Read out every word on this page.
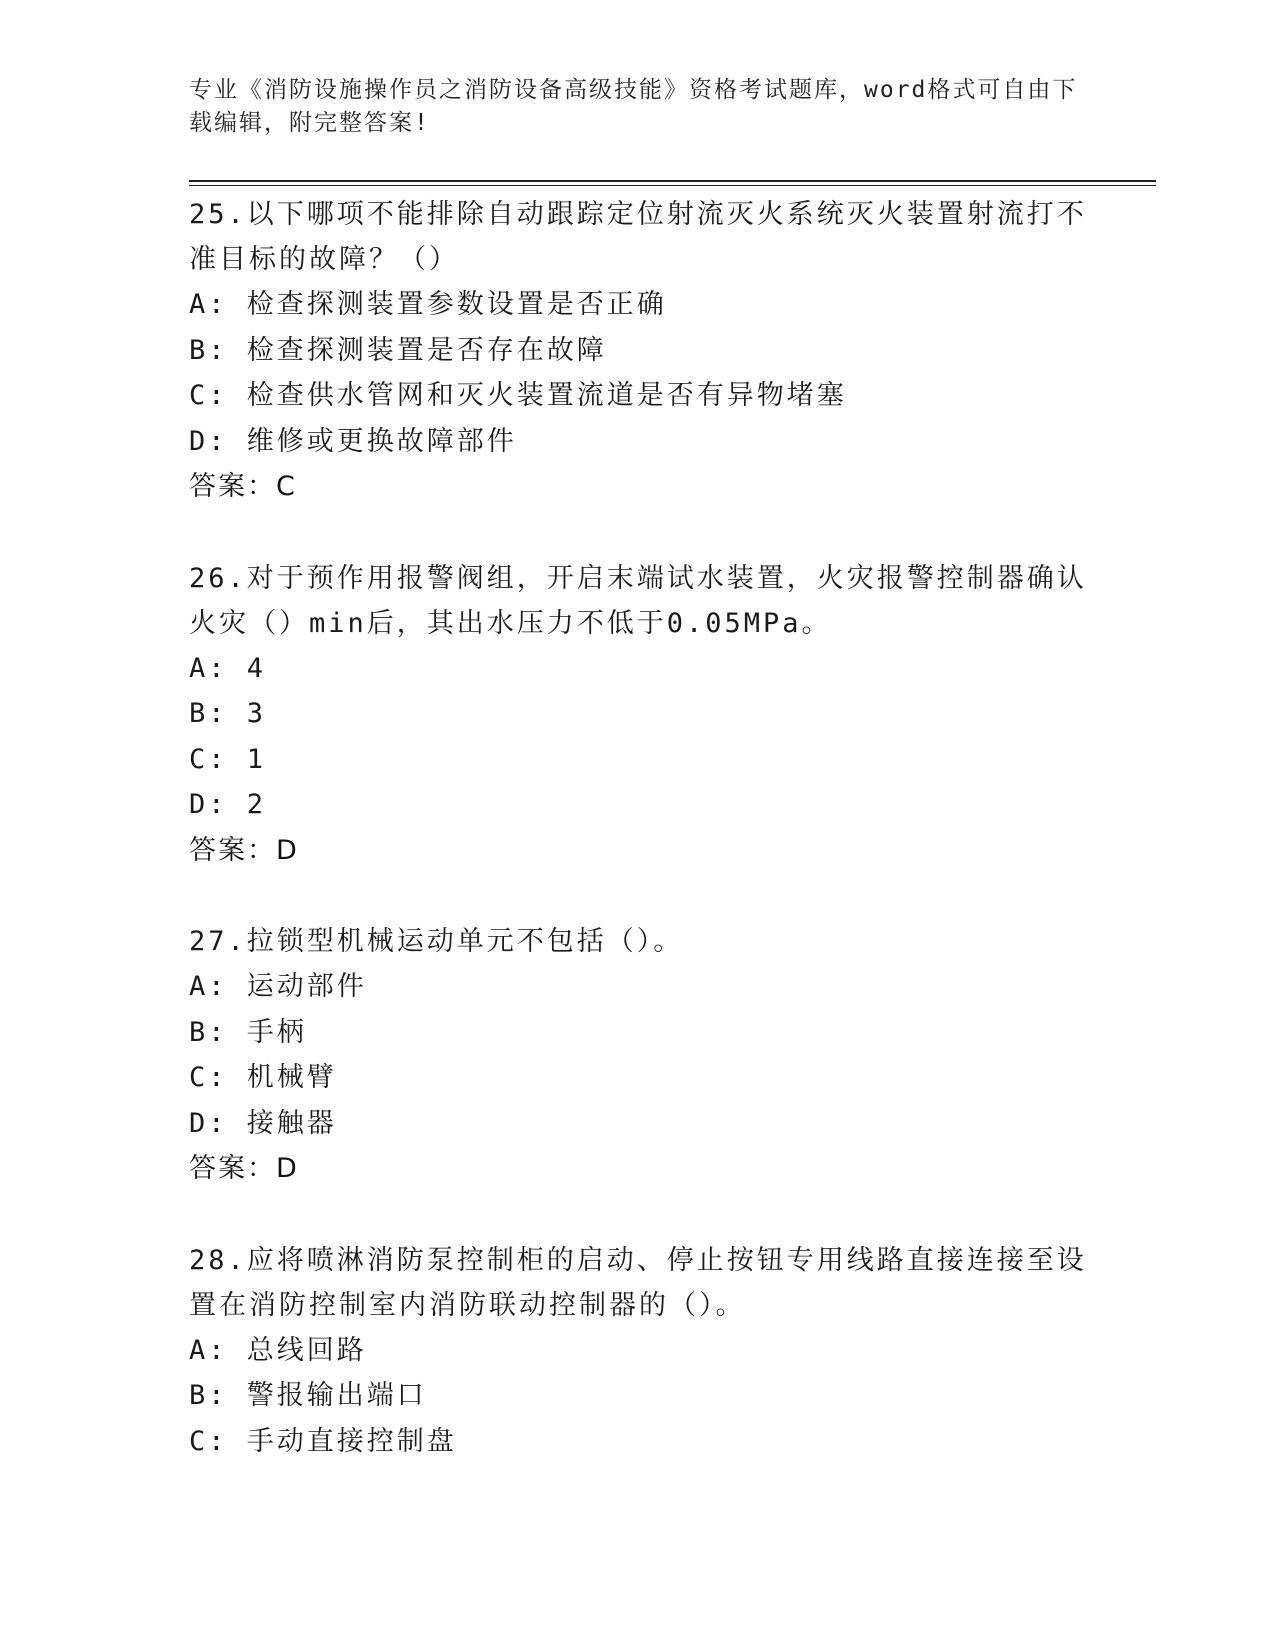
专业《消防设施操作员之消防设备高级技能》资格考试题库，word格式可自由下载编辑，附完整答案!

25.以下哪项不能排除自动跟踪定位射流灭火系统灭火装置射流打不准目标的故障？（）

A: 检查探测装置参数设置是否正确
B: 检查探测装置是否存在故障
C: 检查供水管网和灭火装置流道是否有异物堵塞
D: 维修或更换故障部件
答案：C

26.对于预作用报警阀组，开启末端试水装置，火灾报警控制器确认火灾（）min后，其出水压力不低于0.05MPa。

A: 4
B: 3
C: 1
D: 2
答案：D

27.拉锁型机械运动单元不包括（）。

A: 运动部件
B: 手柄
C: 机械臂
D: 接触器
答案：D

28.应将喷淋消防泵控制柜的启动、停止按钮专用线路直接连接至设置在消防控制室内消防联动控制器的（）。

A: 总线回路
B: 警报输出端口
C: 手动直接控制盘
